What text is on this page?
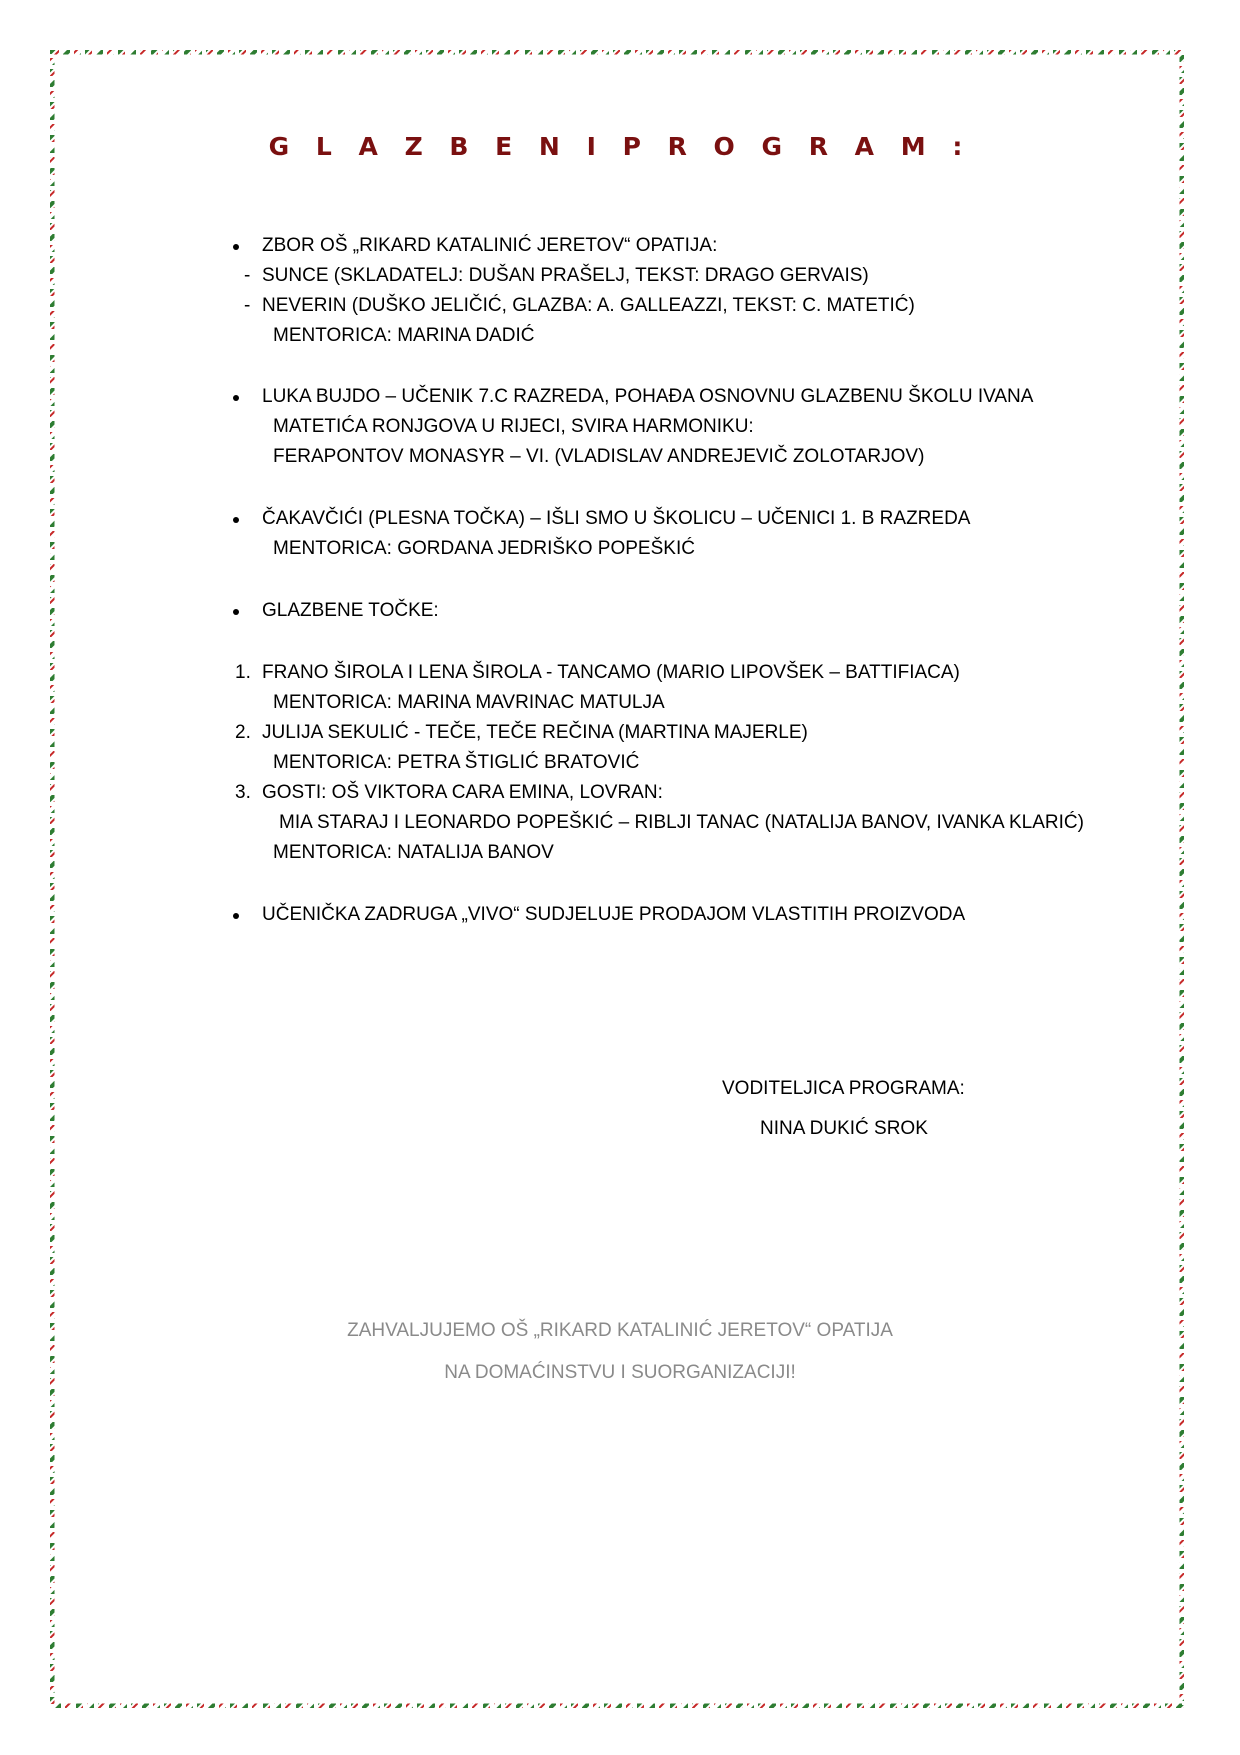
G L A Z B E N I P R O G R A M :
ZBOR OŠ „RIKARD KATALINIĆ JERETOV“ OPATIJA:
- SUNCE (SKLADATELJ: DUŠAN PRAŠELJ, TEKST: DRAGO GERVAIS)
- NEVERIN (DUŠKO JELIČIĆ, GLAZBA: A. GALLEAZZI, TEKST: C. MATETIĆ)
MENTORICA: MARINA DADIĆ
LUKA BUJDO – UČENIK 7.C RAZREDA, POHAĐA OSNOVNU GLAZBENU ŠKOLU IVANA
MATETIĆA RONJGOVA U RIJECI, SVIRA HARMONIKU:
FERAPONTOV MONASYR – VI. (VLADISLAV ANDREJEVIČ ZOLOTARJOV)
ČAKAVČIĆI (PLESNA TOČKA) – IŠLI SMO U ŠKOLICU – UČENICI 1. B RAZREDA
MENTORICA: GORDANA JEDRIŠKO POPEŠKIĆ
GLAZBENE TOČKE:
1. FRANO ŠIROLA I LENA ŠIROLA - TANCAMO (MARIO LIPOVŠEK – BATTIFIACA)
MENTORICA: MARINA MAVRINAC MATULJA
2. JULIJA SEKULIĆ - TEČE, TEČE REČINA (MARTINA MAJERLE)
MENTORICA: PETRA ŠTIGLIĆ BRATOVIĆ
3. GOSTI: OŠ VIKTORA CARA EMINA, LOVRAN:
MIA STARAJ I LEONARDO POPEŠKIĆ – RIBLJI TANAC (NATALIJA BANOV, IVANKA KLARIĆ)
MENTORICA: NATALIJA BANOV
UČENIČKA ZADRUGA „VIVO“ SUDJELUJE PRODAJOM VLASTITIH PROIZVODA
VODITELJICA PROGRAMA:
NINA DUKIĆ SROK
ZAHVALJUJEMO OŠ „RIKARD KATALINIĆ JERETOV“ OPATIJA
NA DOMAĆINSTVU I SUORGANIZACIJI!
